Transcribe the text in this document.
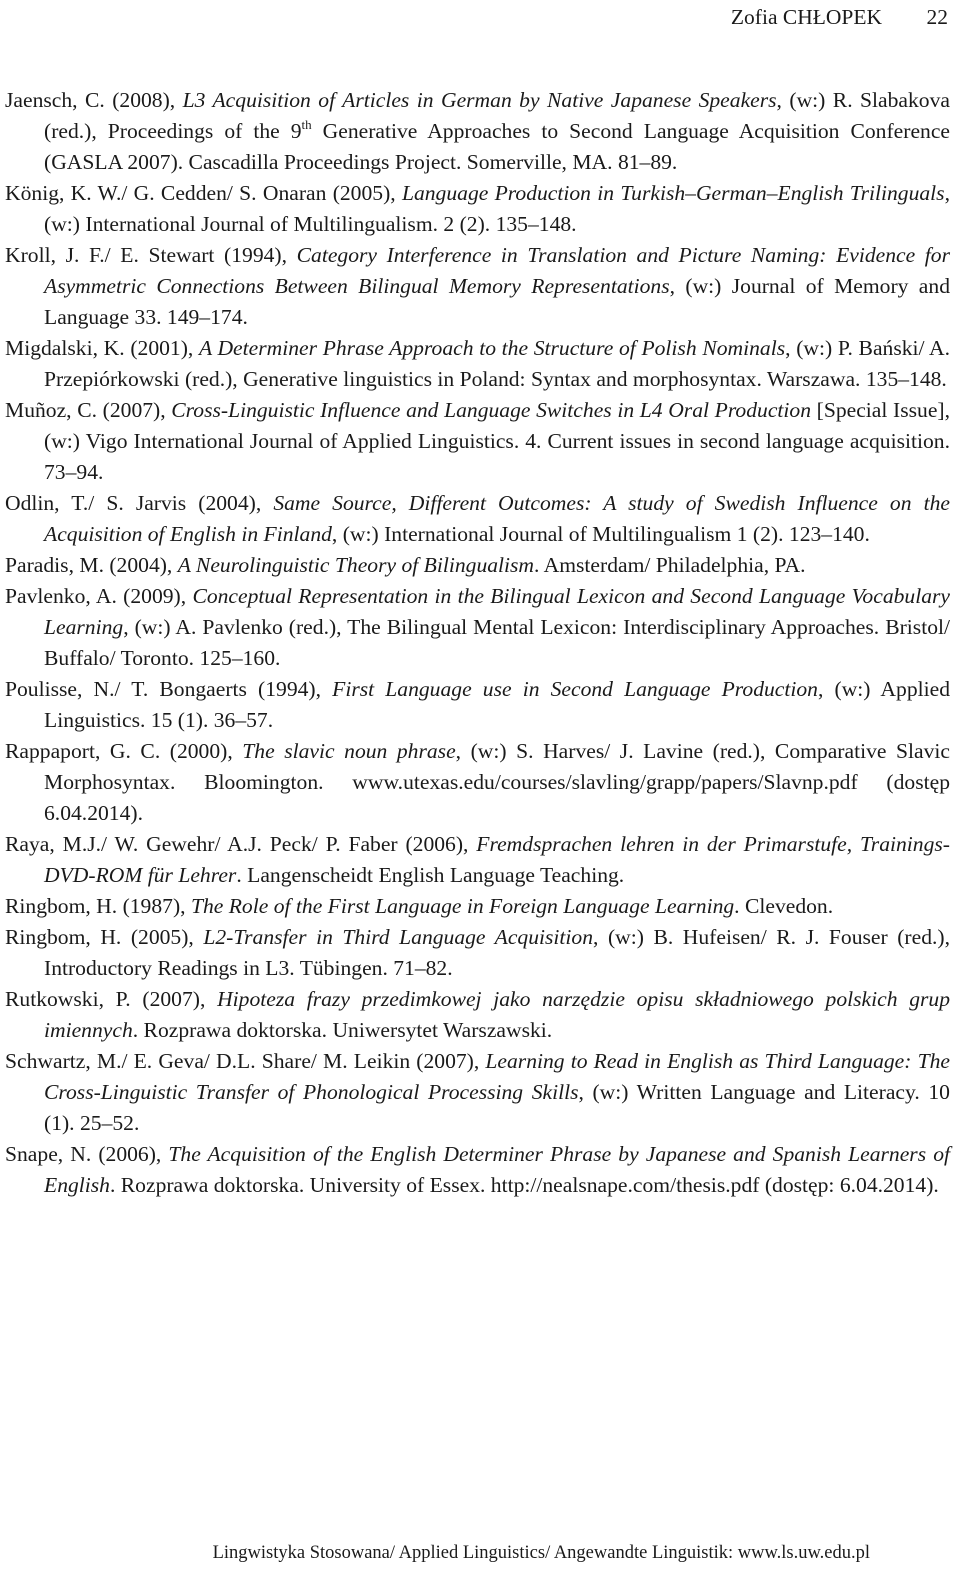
Zofia CHŁOPEK 22

Jaensch, C. (2008), L3 Acquisition of Articles in German by Native Japanese Speakers, (w:) R. Slabakova (red.), Proceedings of the 9th Generative Approaches to Second Language Acquisition Conference (GASLA 2007). Cascadilla Proceedings Project. Somerville, MA. 81–89.

König, K. W./ G. Cedden/ S. Onaran (2005), Language Production in Turkish–German–English Trilinguals, (w:) International Journal of Multilingualism. 2 (2). 135–148.

Kroll, J. F./ E. Stewart (1994), Category Interference in Translation and Picture Naming: Evidence for Asymmetric Connections Between Bilingual Memory Representations, (w:) Journal of Memory and Language 33. 149–174.

Migdalski, K. (2001), A Determiner Phrase Approach to the Structure of Polish Nominals, (w:) P. Bański/ A. Przepiórkowski (red.), Generative linguistics in Poland: Syntax and morphosyntax. Warszawa. 135–148.

Muñoz, C. (2007), Cross-Linguistic Influence and Language Switches in L4 Oral Production [Special Issue], (w:) Vigo International Journal of Applied Linguistics. 4. Current issues in second language acquisition. 73–94.

Odlin, T./ S. Jarvis (2004), Same Source, Different Outcomes: A study of Swedish Influence on the Acquisition of English in Finland, (w:) International Journal of Multilingualism 1 (2). 123–140.

Paradis, M. (2004), A Neurolinguistic Theory of Bilingualism. Amsterdam/ Philadelphia, PA.

Pavlenko, A. (2009), Conceptual Representation in the Bilingual Lexicon and Second Language Vocabulary Learning, (w:) A. Pavlenko (red.), The Bilingual Mental Lexicon: Interdisciplinary Approaches. Bristol/ Buffalo/ Toronto. 125–160.

Poulisse, N./ T. Bongaerts (1994), First Language use in Second Language Production, (w:) Applied Linguistics. 15 (1). 36–57.

Rappaport, G. C. (2000), The slavic noun phrase, (w:) S. Harves/ J. Lavine (red.), Comparative Slavic Morphosyntax. Bloomington. www.utexas.edu/courses/slavling/grapp/papers/Slavnp.pdf (dostęp 6.04.2014).

Raya, M.J./ W. Gewehr/ A.J. Peck/ P. Faber (2006), Fremdsprachen lehren in der Primarstufe, Trainings-DVD-ROM für Lehrer. Langenscheidt English Language Teaching.

Ringbom, H. (1987), The Role of the First Language in Foreign Language Learning. Clevedon.

Ringbom, H. (2005), L2-Transfer in Third Language Acquisition, (w:) B. Hufeisen/ R. J. Fouser (red.), Introductory Readings in L3. Tübingen. 71–82.

Rutkowski, P. (2007), Hipoteza frazy przedimkowej jako narzędzie opisu składniowego polskich grup imiennych. Rozprawa doktorska. Uniwersytet Warszawski.

Schwartz, M./ E. Geva/ D.L. Share/ M. Leikin (2007), Learning to Read in English as Third Language: The Cross-Linguistic Transfer of Phonological Processing Skills, (w:) Written Language and Literacy. 10 (1). 25–52.

Snape, N. (2006), The Acquisition of the English Determiner Phrase by Japanese and Spanish Learners of English. Rozprawa doktorska. University of Essex. http://nealsnape.com/thesis.pdf (dostęp: 6.04.2014).

Lingwistyka Stosowana/ Applied Linguistics/ Angewandte Linguistik: www.ls.uw.edu.pl
